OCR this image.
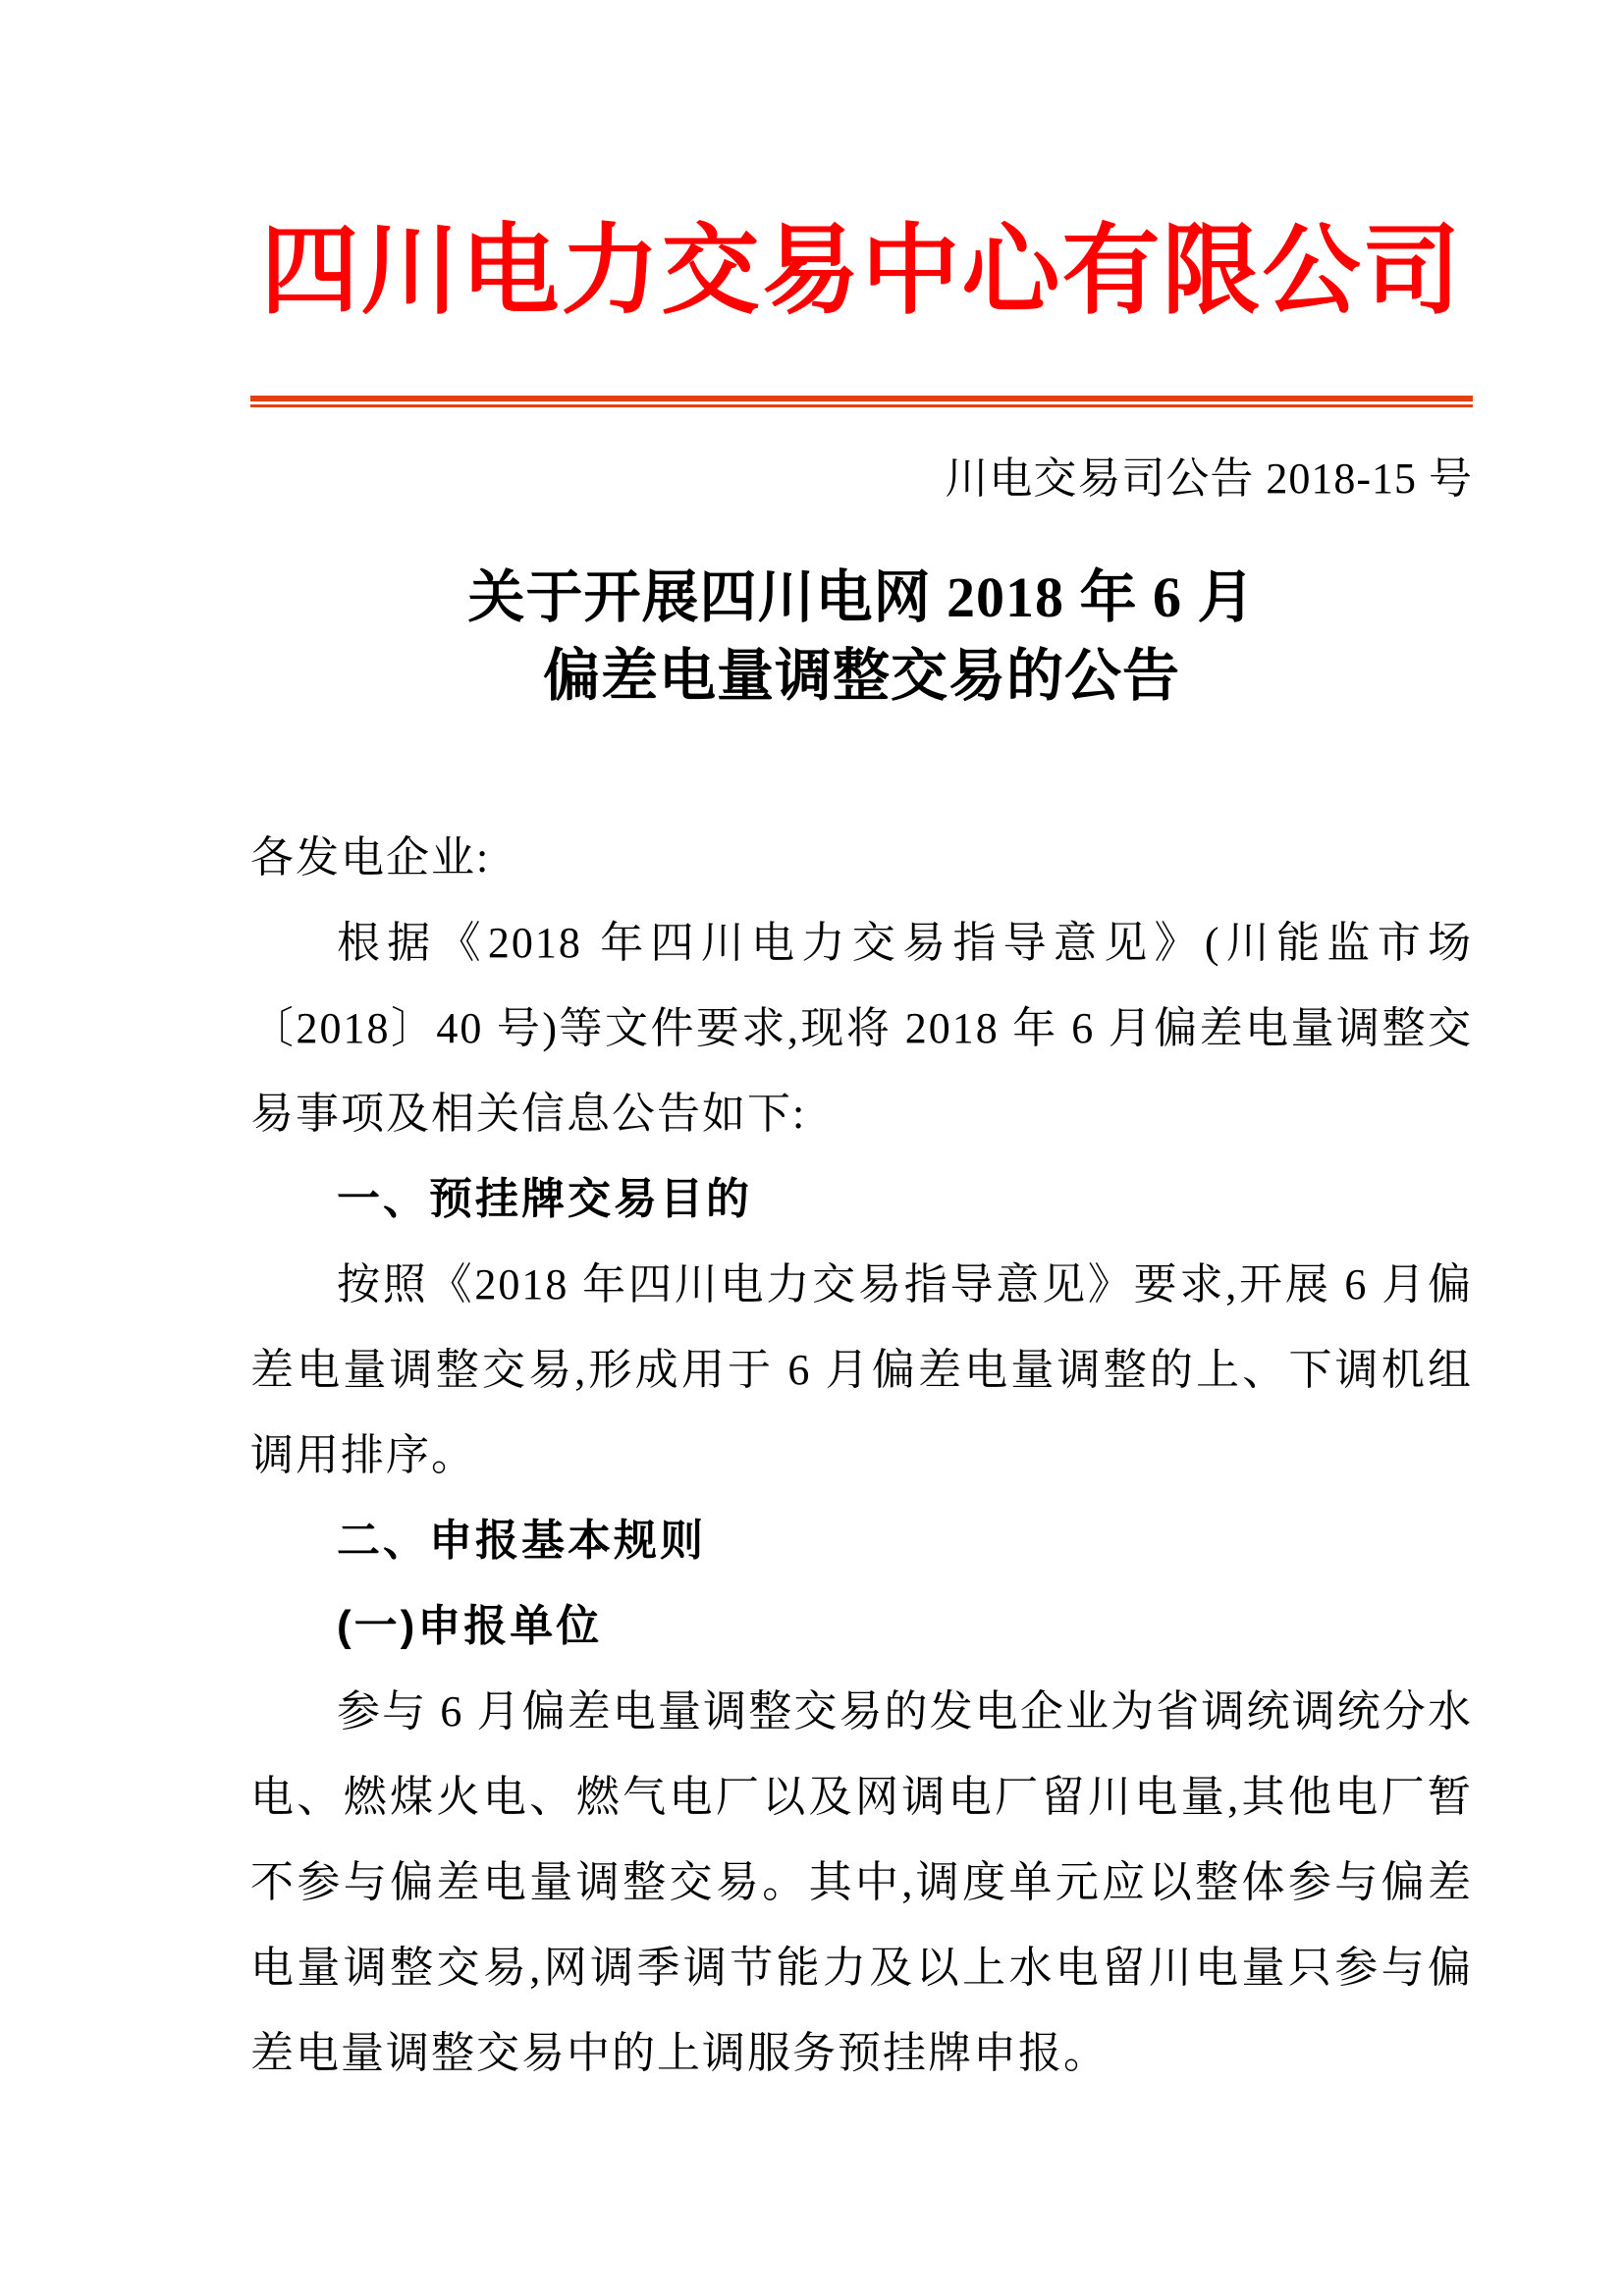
四川电力交易中心有限公司
川电交易司公告 2018-15 号
关于开展四川电网 2018 年 6 月
偏差电量调整交易的公告

各发电企业:

根据《2018 年四川电力交易指导意见》(川能监市场〔2018〕40 号)等文件要求,现将 2018 年 6 月偏差电量调整交易事项及相关信息公告如下:

一、预挂牌交易目的

按照《2018 年四川电力交易指导意见》要求,开展 6 月偏差电量调整交易,形成用于 6 月偏差电量调整的上、下调机组调用排序。

二、申报基本规则

(一)申报单位

参与 6 月偏差电量调整交易的发电企业为省调统调统分水电、燃煤火电、燃气电厂以及网调电厂留川电量,其他电厂暂不参与偏差电量调整交易。其中,调度单元应以整体参与偏差电量调整交易,网调季调节能力及以上水电留川电量只参与偏差电量调整交易中的上调服务预挂牌申报。
